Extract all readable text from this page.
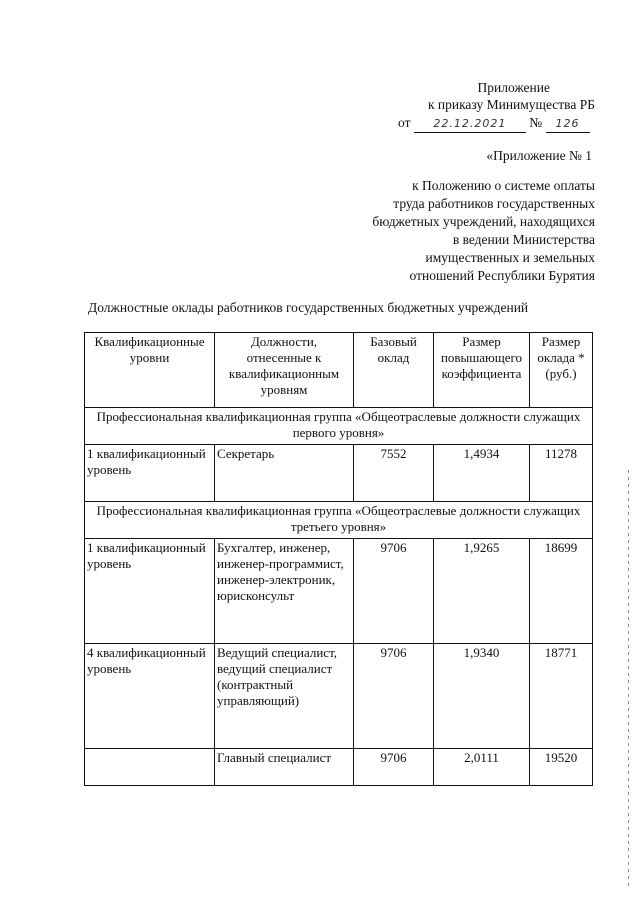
Приложение
к приказу Минимущества РБ
от 22.12.2021 № 126
«Приложение № 1
к Положению о системе оплаты
труда работников государственных
бюджетных учреждений, находящихся
в ведении Министерства
имущественных и земельных
отношений Республики Бурятия
Должностные оклады работников государственных бюджетных учреждений
Квалификационные уровни	Должности, отнесенные к квалификационным уровням	Базовый оклад	Размер повышающего коэффициента	Размер оклада * (руб.)
Профессиональная квалификационная группа «Общеотраслевые должности служащих первого уровня»				
1 квалификационный уровень	Секретарь	7552	1,4934	11278
Профессиональная квалификационная группа «Общеотраслевые должности служащих третьего уровня»				
1 квалификационный уровень	Бухгалтер, инженер, инженер-программист, инженер-электроник, юрисконсульт	9706	1,9265	18699
4 квалификационный уровень	Ведущий специалист, ведущий специалист (контрактный управляющий)	9706	1,9340	18771
	Главный специалист	9706	2,0111	19520
